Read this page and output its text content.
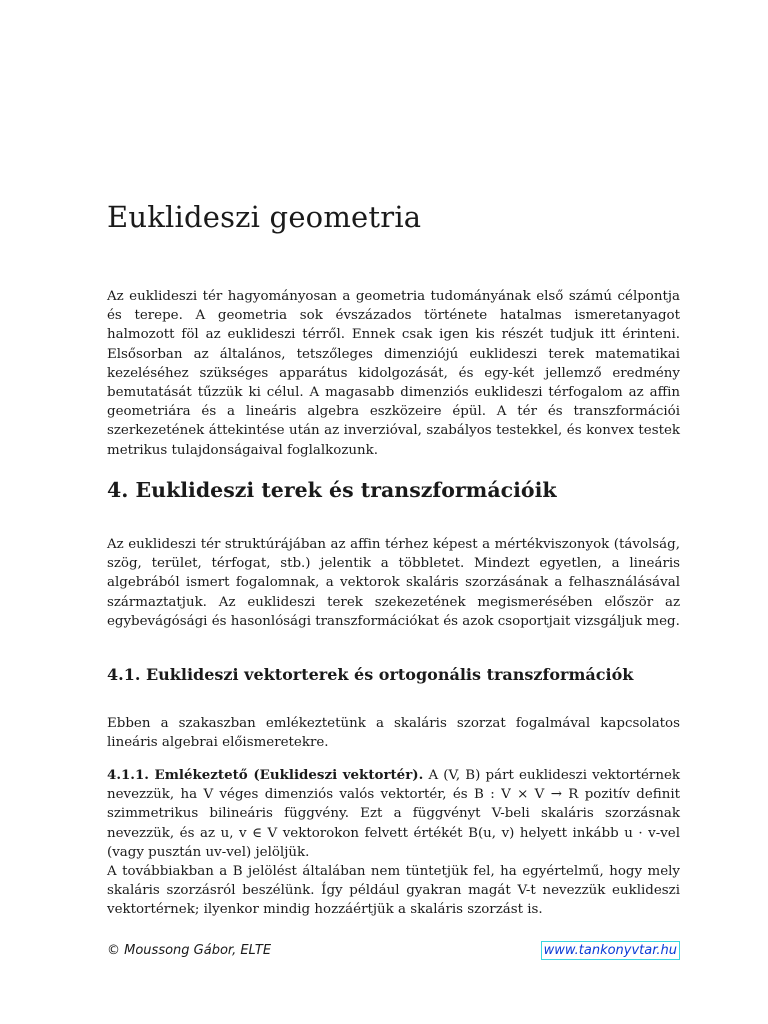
Euklideszi geometria

Az euklideszi tér hagyományosan a geometria tudományának első számú célpontja és terepe. A geometria sok évszázados története hatalmas ismeretanyagot halmozott föl az euklideszi térről. Ennek csak igen kis részét tudjuk itt érinteni. Elsősorban az általános, tetszőleges dimenziójú euklideszi terek matematikai kezeléséhez szükséges apparátus kidolgozását, és egy-két jellemző eredmény bemutatását tűzzük ki célul. A magasabb dimenziós euklideszi térfogalom az affin geometriára és a lineáris algebra eszközeire épül. A tér és transzformációi szerkezetének áttekintése után az inverzióval, szabályos testekkel, és konvex testek metrikus tulajdonságaival foglalkozunk.

4. Euklideszi terek és transzformációik

Az euklideszi tér struktúrájában az affin térhez képest a mértékviszonyok (távolság, szög, terület, térfogat, stb.) jelentik a többletet. Mindezt egyetlen, a lineáris algebrából ismert fogalomnak, a vektorok skaláris szorzásának a felhasználásával származtatjuk. Az euklideszi terek szekezetének megismerésében először az egybevágósági és hasonlósági transzformációkat és azok csoportjait vizsgáljuk meg.

4.1. Euklideszi vektorterek és ortogonális transzformációk

Ebben a szakaszban emlékeztetünk a skaláris szorzat fogalmával kapcsolatos lineáris algebrai előismeretekre.

4.1.1. Emlékeztető (Euklideszi vektortér). A (V, B) párt euklideszi vektortérnek nevezzük, ha V véges dimenziós valós vektortér, és B : V × V → R pozitív definit szimmetrikus bilineáris függvény. Ezt a függvényt V-beli skaláris szorzásnak nevezzük, és az u, v ∈ V vektorokon felvett értékét B(u, v) helyett inkább u · v-vel (vagy pusztán uv-vel) jelöljük.

A továbbiakban a B jelölést általában nem tüntetjük fel, ha egyértelmű, hogy mely skaláris szorzásról beszélünk. Így például gyakran magát V-t nevezzük euklideszi vektortérnek; ilyenkor mindig hozzáértjük a skaláris szorzást is.

© Moussong Gábor, ELTE	www.tankonyvtar.hu
